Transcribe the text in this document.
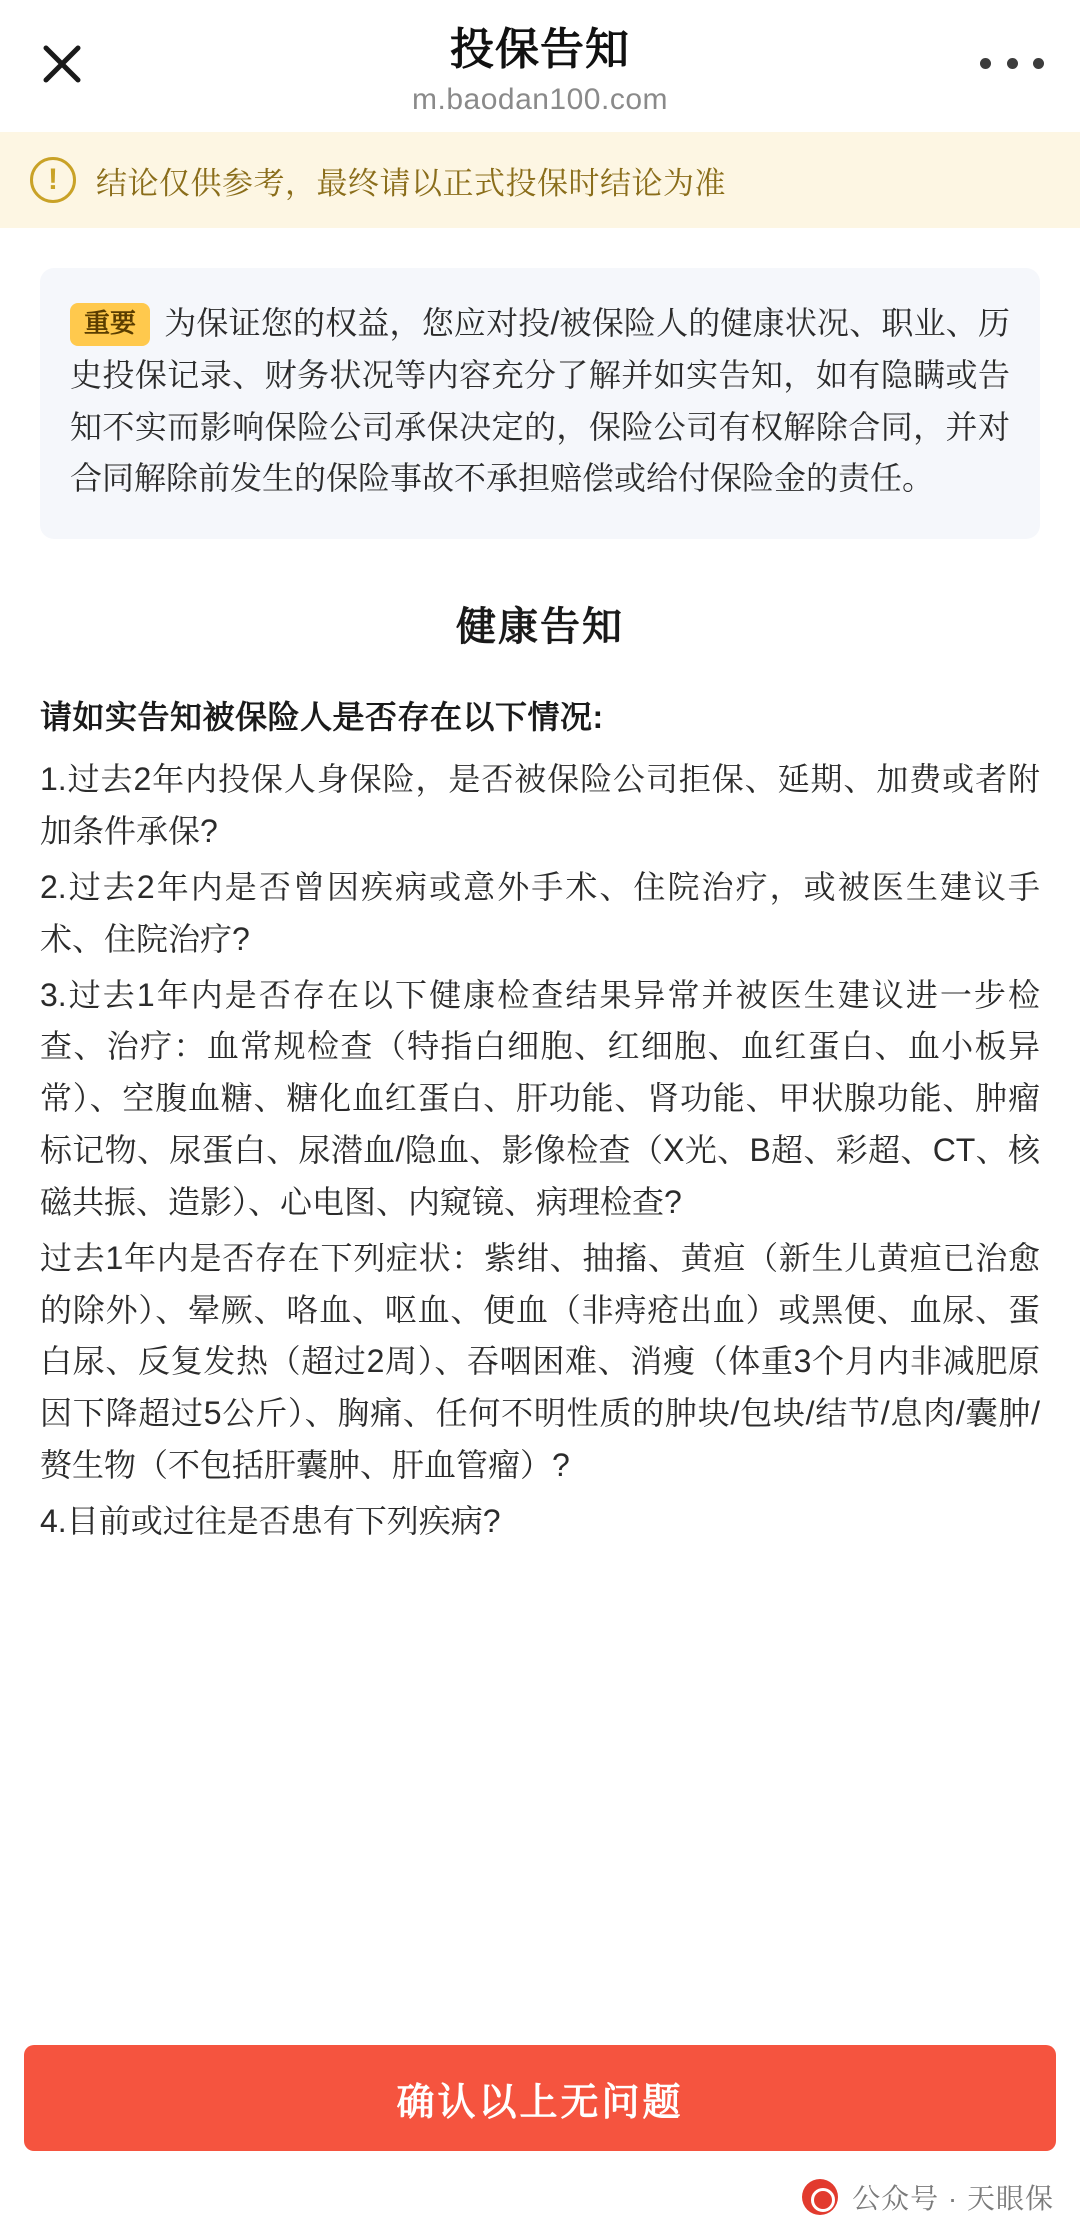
投保告知
m.baodan100.com
!	结论仅供参考，最终请以正式投保时结论为准
重要 为保证您的权益，您应对投/被保险人的健康状况、职业、历史投保记录、财务状况等内容充分了解并如实告知，如有隐瞒或告知不实而影响保险公司承保决定的，保险公司有权解除合同，并对合同解除前发生的保险事故不承担赔偿或给付保险金的责任。
健康告知
请如实告知被保险人是否存在以下情况:
1.过去2年内投保人身保险，是否被保险公司拒保、延期、加费或者附加条件承保?
2.过去2年内是否曾因疾病或意外手术、住院治疗，或被医生建议手术、住院治疗?
3.过去1年内是否存在以下健康检查结果异常并被医生建议进一步检查、治疗：血常规检查（特指白细胞、红细胞、血红蛋白、血小板异常）、空腹血糖、糖化血红蛋白、肝功能、肾功能、甲状腺功能、肿瘤标记物、尿蛋白、尿潜血/隐血、影像检查（X光、B超、彩超、CT、核磁共振、造影）、心电图、内窥镜、病理检查?
过去1年内是否存在下列症状：紫绀、抽搐、黄疸（新生儿黄疸已治愈的除外）、晕厥、咯血、呕血、便血（非痔疮出血）或黑便、血尿、蛋白尿、反复发热（超过2周）、吞咽困难、消瘦（体重3个月内非减肥原因下降超过5公斤）、胸痛、任何不明性质的肿块/包块/结节/息肉/囊肿/赘生物（不包括肝囊肿、肝血管瘤）?
4.目前或过往是否患有下列疾病?
确认以上无问题
公众号 · 天眼保
